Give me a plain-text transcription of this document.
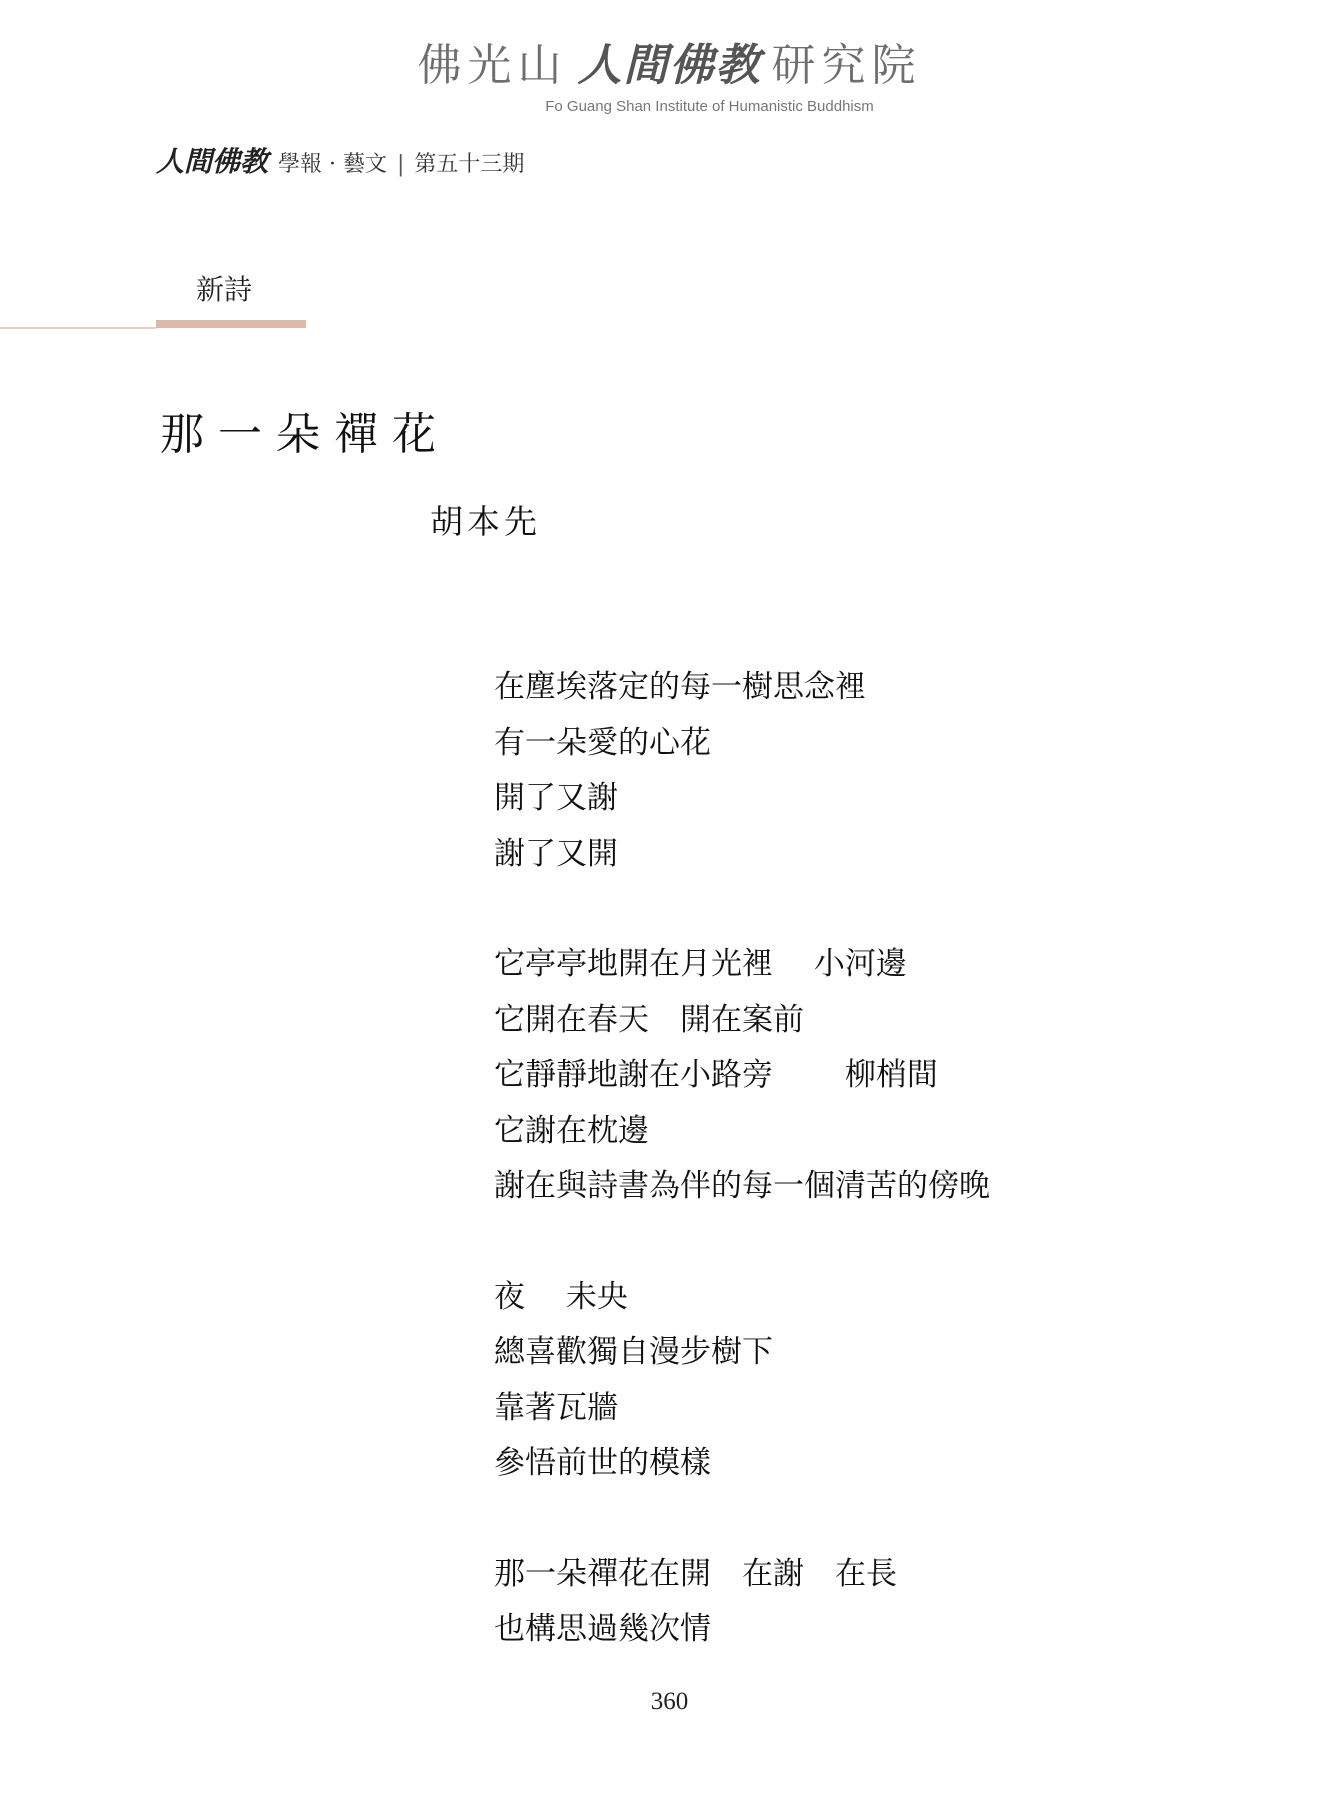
佛光山 人間佛教 研究院
Fo Guang Shan Institute of Humanistic Buddhism
人間佛教 學報 · 藝文 | 第五十三期
新詩
那一朵禪花
胡本先
在塵埃落定的每一樹思念裡
有一朵愛的心花
開了又謝
謝了又開
它亭亭地開在月光裡　 小河邊
它開在春天　開在案前
它靜靜地謝在小路旁　　 柳梢間
它謝在枕邊
謝在與詩書為伴的每一個清苦的傍晚
夜　 未央
總喜歡獨自漫步樹下
靠著瓦牆
參悟前世的模樣
那一朵禪花在開　在謝　在長
也構思過幾次情
360
